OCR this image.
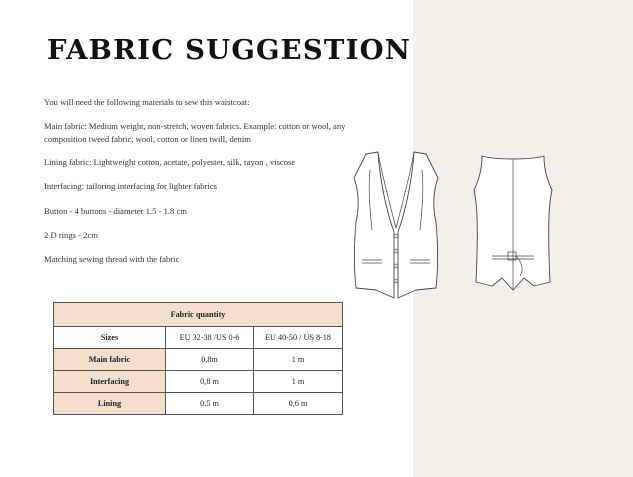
FABRIC SUGGESTION
You will need the following materials to sew this waistcoat:
Main fabric: Medium weight, non-stretch, woven fabrics. Example: cotton or wool, any composition tweed fabric, wool, cotton or linen twill, denim
Lining fabric: Lightweight cotton, acetate, polyester, silk, rayon , viscose
Interfacing: tailoring interfacing for lighter fabrics
Button - 4 buttons - diameter 1.5 - 1.8 cm
2 D rings - 2cm
Matching sewing thread with the fabric
Fabric quantity		
Sizes	EU 32-38 /US 0-6	EU 40-50 / US 8-18
Main fabric	0,8m	1 m
Interfacing	0,8 m	1 m
Lining	0,5 m	0,6 m
